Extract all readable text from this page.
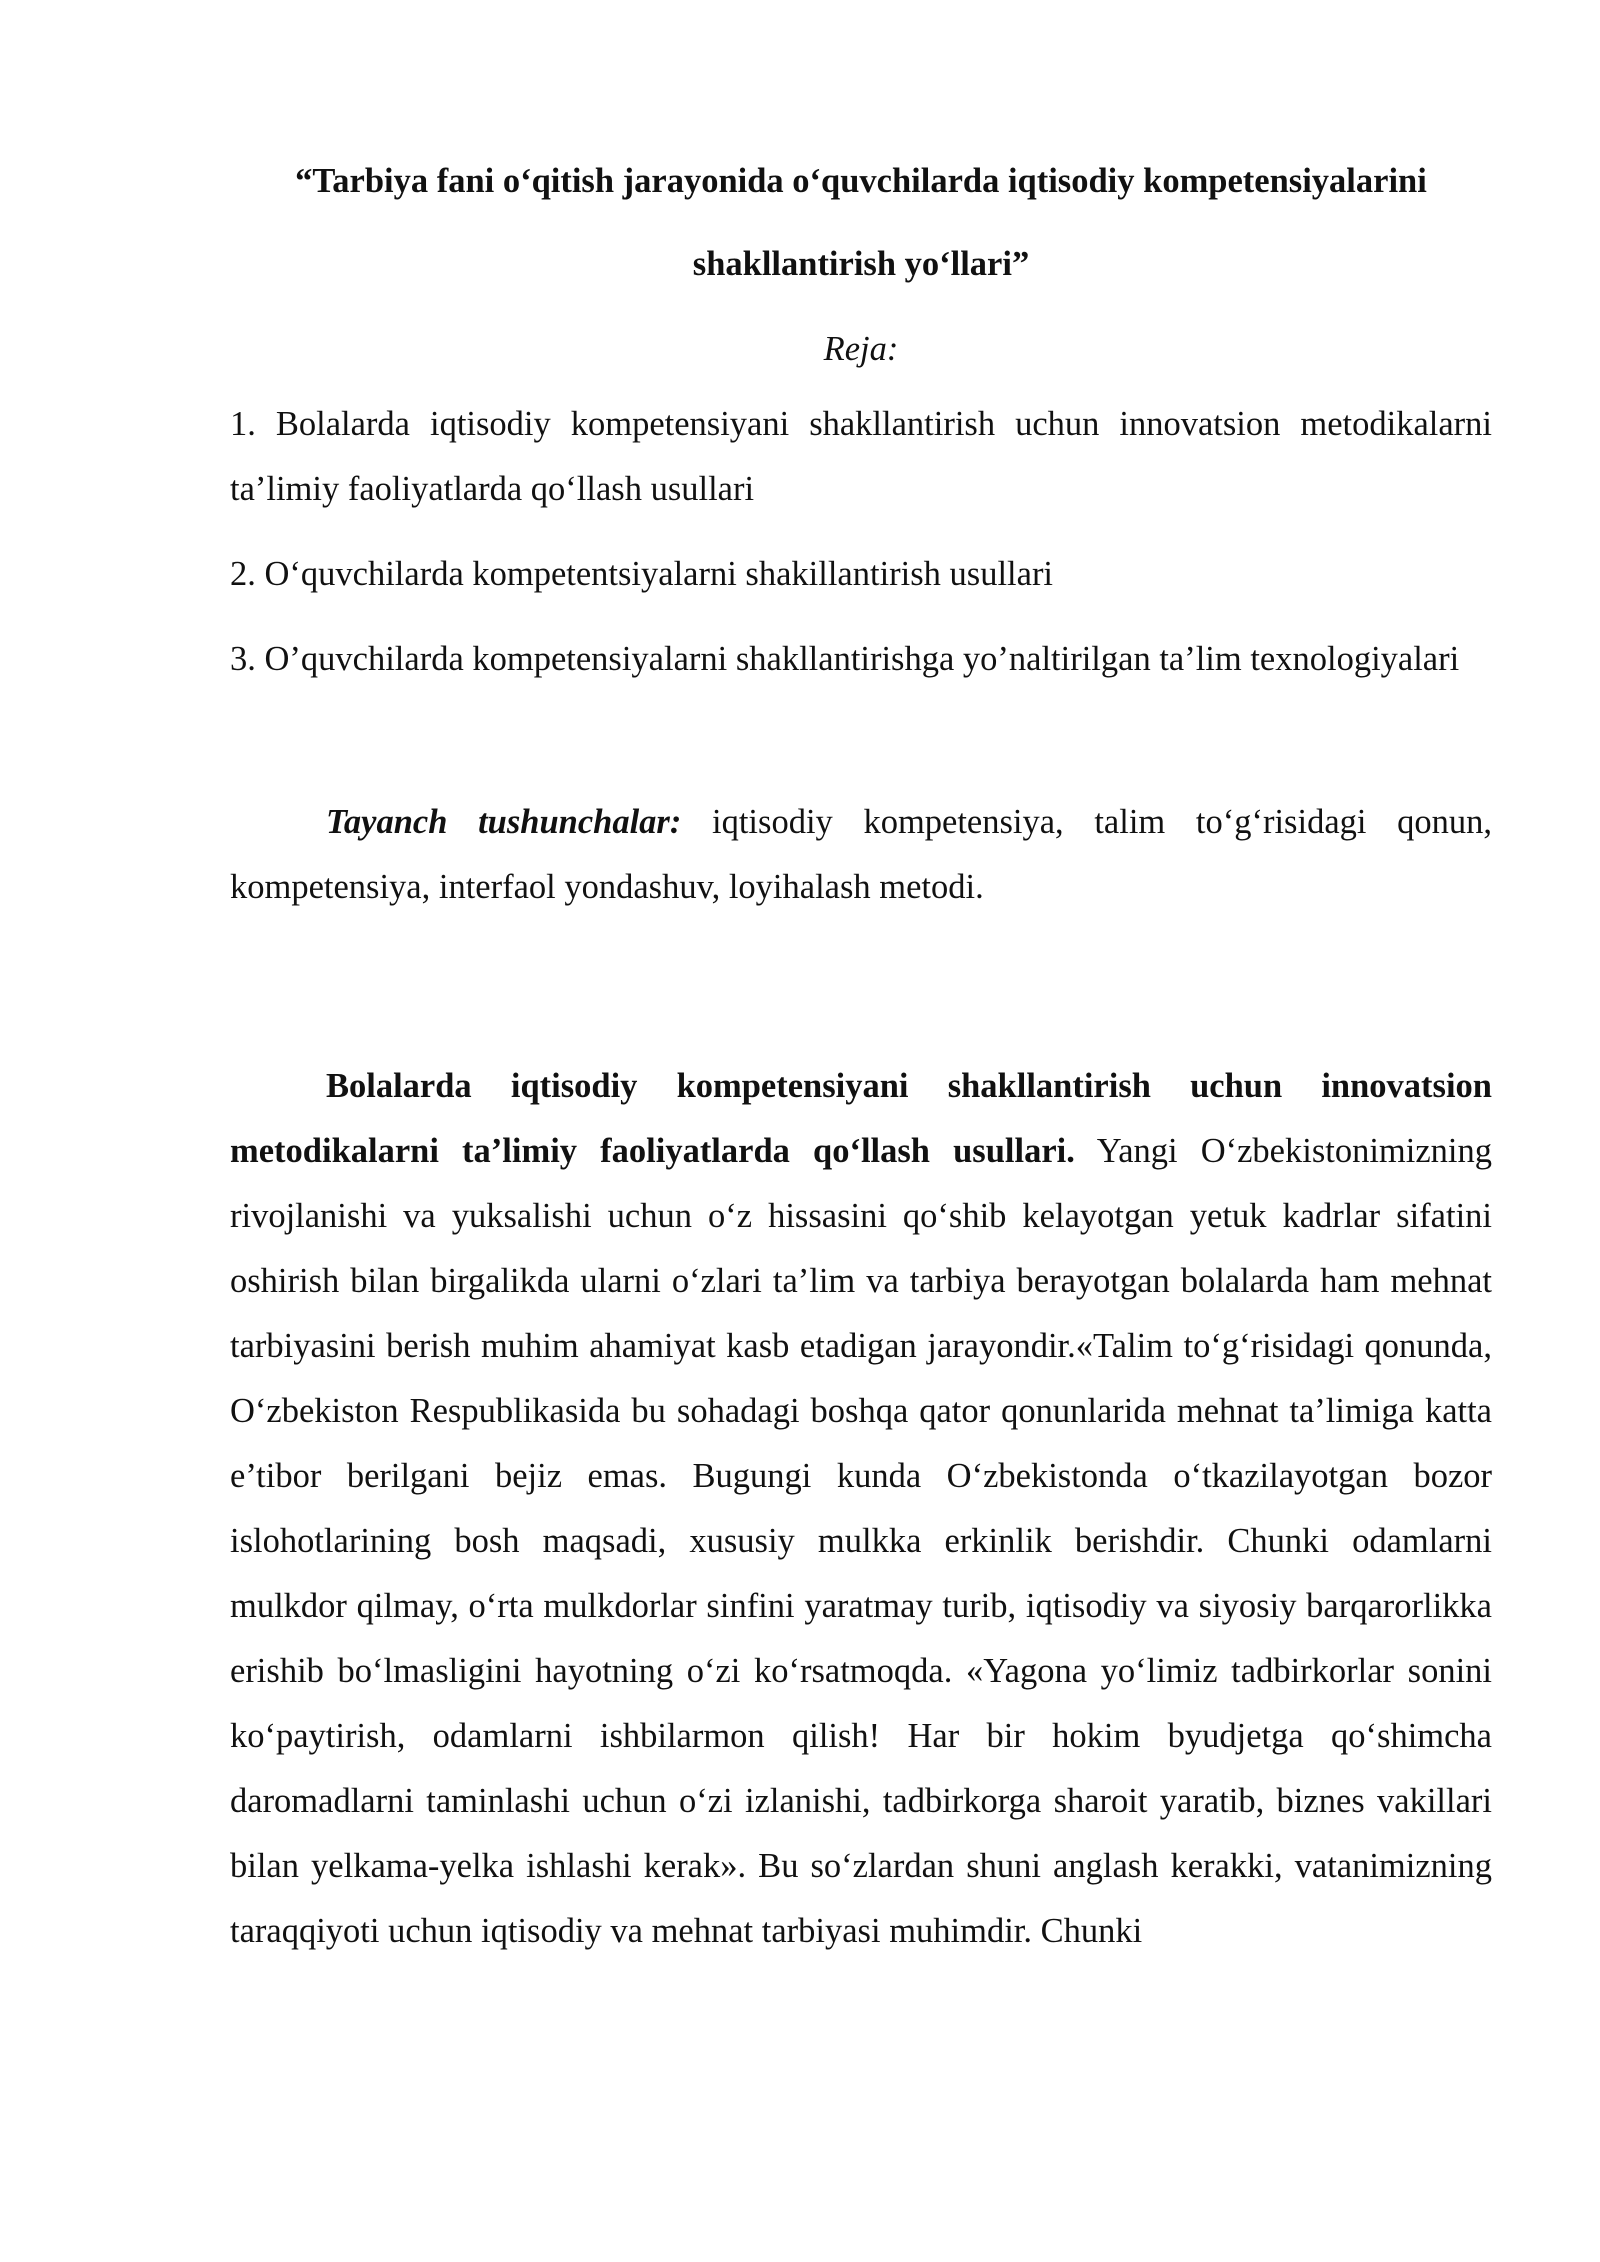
“Tarbiya fani o‘qitish jarayonida o‘quvchilarda iqtisodiy kompetensiyalarini shakllantirish yo‘llari”

Reja:

1. Bolalarda iqtisodiy kompetensiyani shakllantirish uchun innovatsion metodikalarni ta’limiy faoliyatlarda qo‘llash usullari
2. O‘quvchilarda kompetentsiyalarni shakillantirish usullari
3. O’quvchilarda kompetensiyalarni shakllantirishga yo’naltirilgan ta’lim texnologiyalari

Tayanch tushunchalar: iqtisodiy kompetensiya, talim to‘g‘risidagi qonun, kompetensiya, interfaol yondashuv, loyihalash metodi.

Bolalarda iqtisodiy kompetensiyani shakllantirish uchun innovatsion metodikalarni ta’limiy faoliyatlarda qo‘llash usullari. Yangi O‘zbekistonimizning rivojlanishi va yuksalishi uchun o‘z hissasini qo‘shib kelayotgan yetuk kadrlar sifatini oshirish bilan birgalikda ularni o‘zlari ta’lim va tarbiya berayotgan bolalarda ham mehnat tarbiyasini berish muhim ahamiyat kasb etadigan jarayondir.«Talim to‘g‘risidagi qonunda, O‘zbekiston Respublikasida bu sohadagi boshqa qator qonunlarida mehnat ta’limiga katta e’tibor berilgani bejiz emas. Bugungi kunda O‘zbekistonda o‘tkazilayotgan bozor islohotlarining bosh maqsadi, xususiy mulkka erkinlik berishdir. Chunki odamlarni mulkdor qilmay, o‘rta mulkdorlar sinfini yaratmay turib, iqtisodiy va siyosiy barqarorlikka erishib bo‘lmasligini hayotning o‘zi ko‘rsatmoqda. «Yagona yo‘limiz tadbirkorlar sonini ko‘paytirish, odamlarni ishbilarmon qilish! Har bir hokim byudjetga qo‘shimcha daromadlarni taminlashi uchun o‘zi izlanishi, tadbirkorga sharoit yaratib, biznes vakillari bilan yelkama-yelka ishlashi kerak». Bu so‘zlardan shuni anglash kerakki, vatanimizning taraqqiyoti uchun iqtisodiy va mehnat tarbiyasi muhimdir. Chunki
